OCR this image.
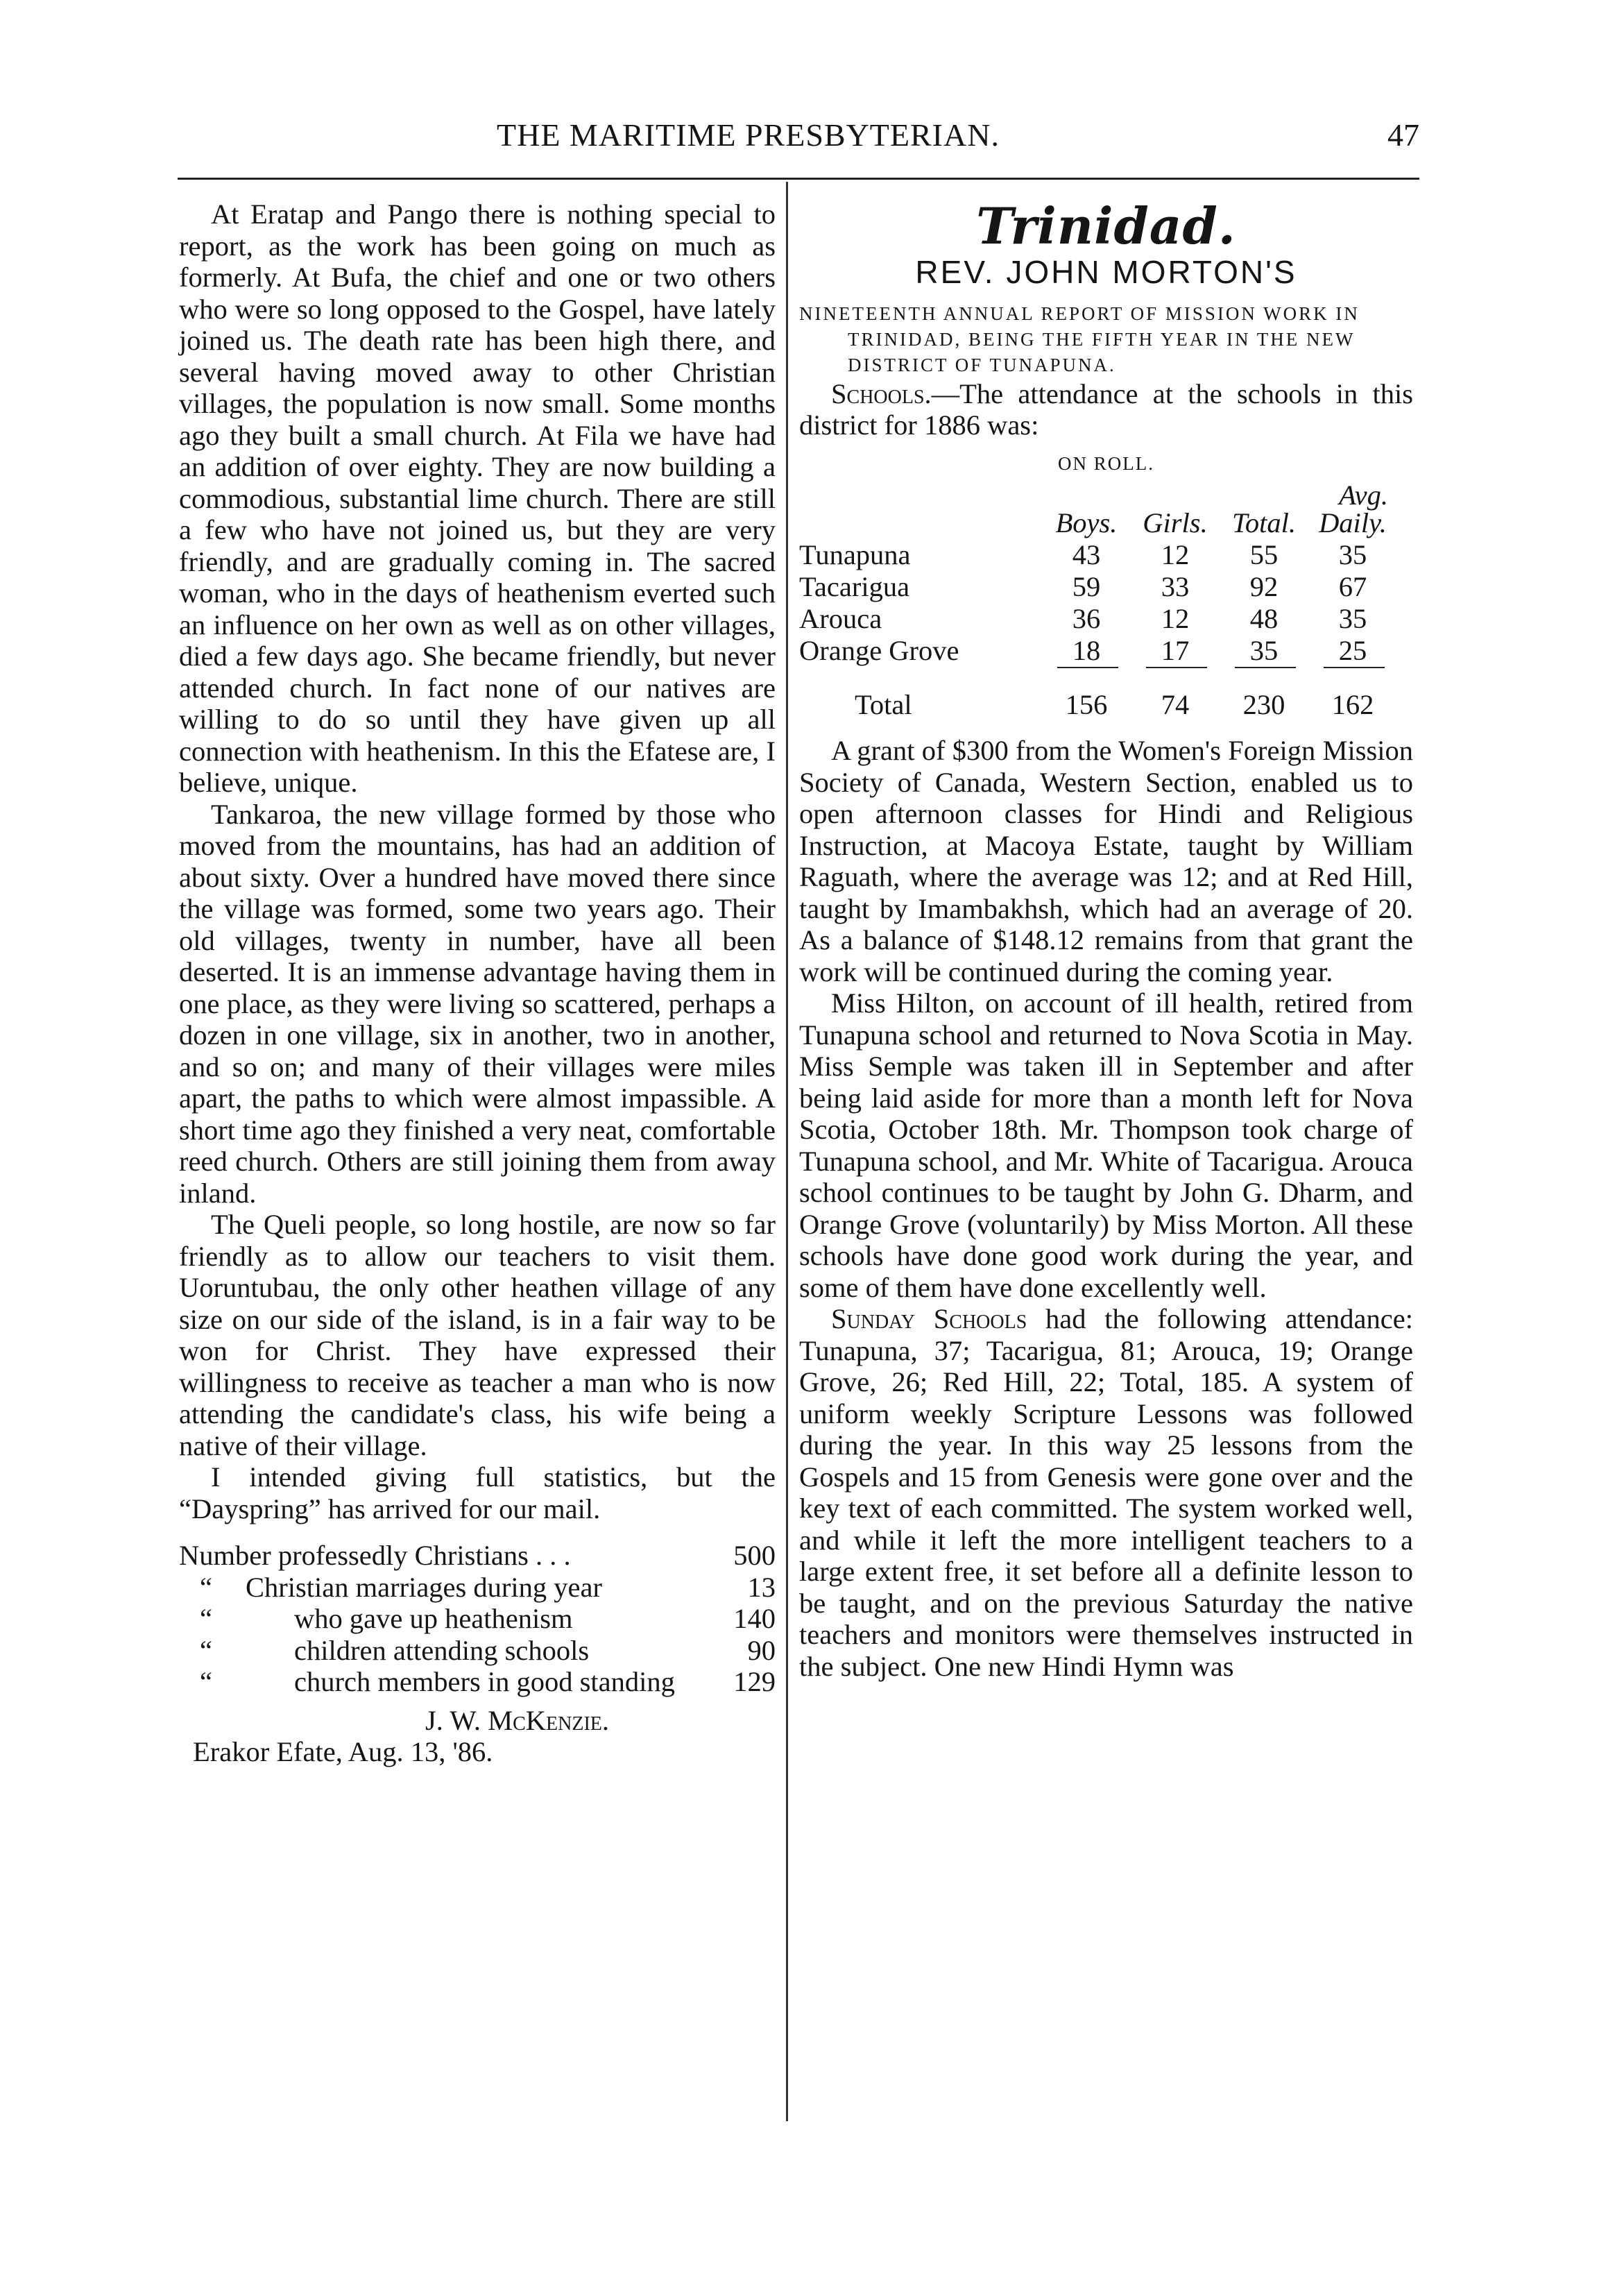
THE MARITIME PRESBYTERIAN.	47

At Eratap and Pango there is nothing special to report, as the work has been going on much as formerly. At Bufa, the chief and one or two others who were so long opposed to the Gospel, have lately joined us. The death rate has been high there, and several having moved away to other Christian villages, the population is now small. Some months ago they built a small church. At Fila we have had an addition of over eighty. They are now building a commodious, substantial lime church. There are still a few who have not joined us, but they are very friendly, and are gradually coming in. The sacred woman, who in the days of heathenism everted such an influence on her own as well as on other villages, died a few days ago. She became friendly, but never attended church. In fact none of our natives are willing to do so until they have given up all connection with heathenism. In this the Efatese are, I believe, unique.

Tankaroa, the new village formed by those who moved from the mountains, has had an addition of about sixty. Over a hundred have moved there since the village was formed, some two years ago. Their old villages, twenty in number, have all been deserted. It is an immense advantage having them in one place, as they were living so scattered, perhaps a dozen in one village, six in another, two in another, and so on; and many of their villages were miles apart, the paths to which were almost impassible. A short time ago they finished a very neat, comfortable reed church. Others are still joining them from away inland.

The Queli people, so long hostile, are now so far friendly as to allow our teachers to visit them. Uoruntubau, the only other heathen village of any size on our side of the island, is in a fair way to be won for Christ. They have expressed their willingness to receive as teacher a man who is now attending the candidate's class, his wife being a native of their village.

I intended giving full statistics, but the “Dayspring” has arrived for our mail.

Number professedly Christians . . .	500
“	Christian marriages during year	13
“	who gave up heathenism	140
“	children attending schools	90
“	church members in good standing	129
J. W. McKenzie.
Erakor Efate, Aug. 13, '86.
Trinidad.
REV. JOHN MORTON'S
NINETEENTH ANNUAL REPORT OF MISSION WORK IN TRINIDAD, BEING THE FIFTH YEAR IN THE NEW DISTRICT OF TUNAPUNA.

Schools.—The attendance at the schools in this district for 1886 was:

ON ROLL.
Avg.
Boys. Girls. Total. Daily.
Tunapuna	43	12	55	35
Tacarigua	59	33	92	67
Arouca	36	12	48	35
Orange Grove	18	17	35	25
Total	156	74	230	162

A grant of $300 from the Women's Foreign Mission Society of Canada, Western Section, enabled us to open afternoon classes for Hindi and Religious Instruction, at Macoya Estate, taught by William Raguath, where the average was 12; and at Red Hill, taught by Imambakhsh, which had an average of 20. As a balance of $148.12 remains from that grant the work will be continued during the coming year.

Miss Hilton, on account of ill health, retired from Tunapuna school and returned to Nova Scotia in May. Miss Semple was taken ill in September and after being laid aside for more than a month left for Nova Scotia, October 18th. Mr. Thompson took charge of Tunapuna school, and Mr. White of Tacarigua. Arouca school continues to be taught by John G. Dharm, and Orange Grove (voluntarily) by Miss Morton. All these schools have done good work during the year, and some of them have done excellently well.

Sunday Schools had the following attendance: Tunapuna, 37; Tacarigua, 81; Arouca, 19; Orange Grove, 26; Red Hill, 22; Total, 185. A system of uniform weekly Scripture Lessons was followed during the year. In this way 25 lessons from the Gospels and 15 from Genesis were gone over and the key text of each committed. The system worked well, and while it left the more intelligent teachers to a large extent free, it set before all a definite lesson to be taught, and on the previous Saturday the native teachers and monitors were themselves instructed in the subject. One new Hindi Hymn was
